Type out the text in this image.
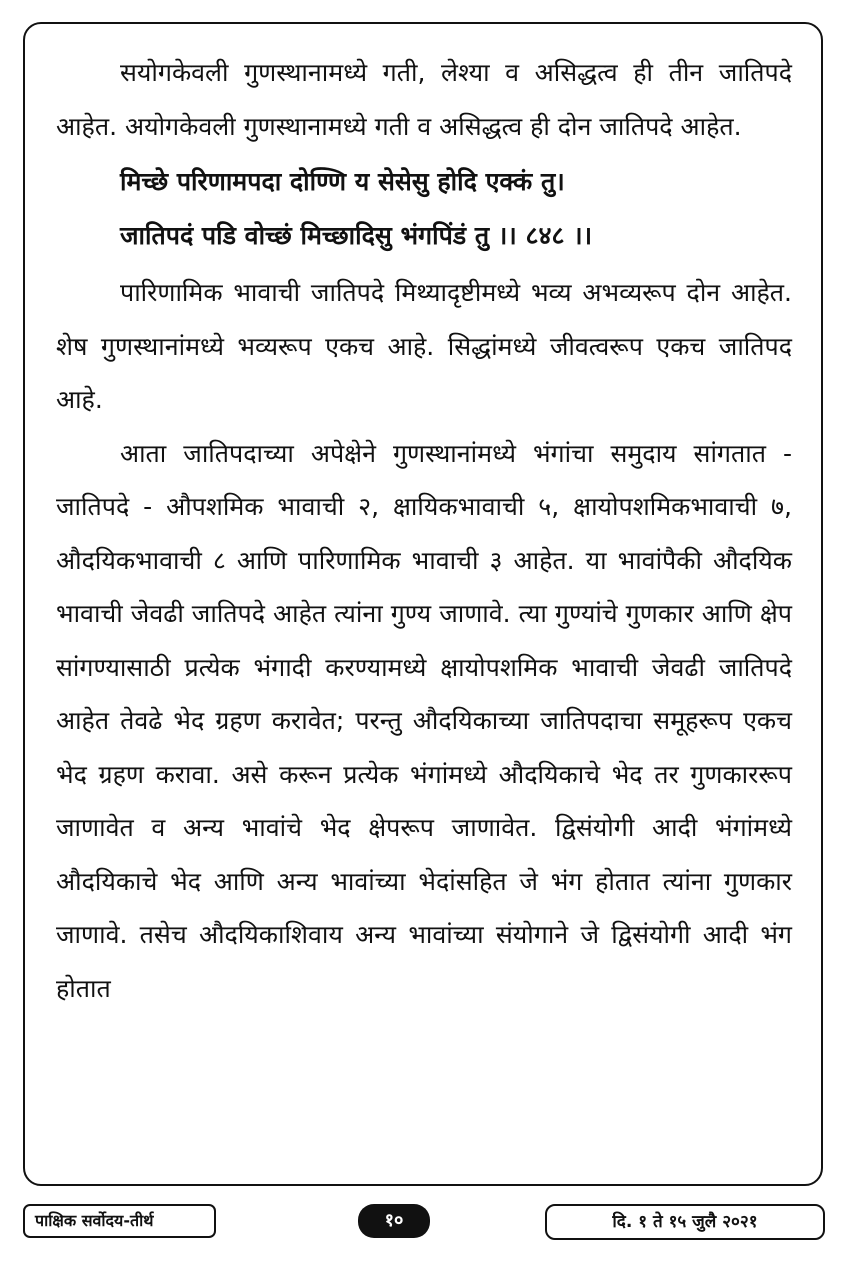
सयोगकेवली गुणस्थानामध्ये गती, लेश्या व असिद्धत्व ही तीन जातिपदे आहेत. अयोगकेवली गुणस्थानामध्ये गती व असिद्धत्व ही दोन जातिपदे आहेत.

मिच्छे परिणामपदा दोण्णि य सेसेसु होदि एक्कं तु।

जातिपदं पडि वोच्छं मिच्छादिसु भंगपिंडं तु ।। ८४८ ।।

पारिणामिक भावाची जातिपदे मिथ्यादृष्टीमध्ये भव्य अभव्यरूप दोन आहेत. शेष गुणस्थानांमध्ये भव्यरूप एकच आहे. सिद्धांमध्ये जीवत्वरूप एकच जातिपद आहे.

आता जातिपदाच्या अपेक्षेने गुणस्थानांमध्ये भंगांचा समुदाय सांगतात - जातिपदे - औपशमिक भावाची २, क्षायिकभावाची ५, क्षायोपशमिकभावाची ७, औदयिकभावाची ८ आणि पारिणामिक भावाची ३ आहेत. या भावांपैकी औदयिक भावाची जेवढी जातिपदे आहेत त्यांना गुण्य जाणावे. त्या गुण्यांचे गुणकार आणि क्षेप सांगण्यासाठी प्रत्येक भंगादी करण्यामध्ये क्षायोपशमिक भावाची जेवढी जातिपदे आहेत तेवढे भेद ग्रहण करावेत; परन्तु औदयिकाच्या जातिपदाचा समूहरूप एकच भेद ग्रहण करावा. असे करून प्रत्येक भंगांमध्ये औदयिकाचे भेद तर गुणकाररूप जाणावेत व अन्य भावांचे भेद क्षेपरूप जाणावेत. द्विसंयोगी आदी भंगांमध्ये औदयिकाचे भेद आणि अन्य भावांच्या भेदांसहित जे भंग होतात त्यांना गुणकार जाणावे. तसेच औदयिकाशिवाय अन्य भावांच्या संयोगाने जे द्विसंयोगी आदी भंग होतात

पाक्षिक सर्वोदय-तीर्थ	१०	दि. १ ते १५ जुलै २०२१
